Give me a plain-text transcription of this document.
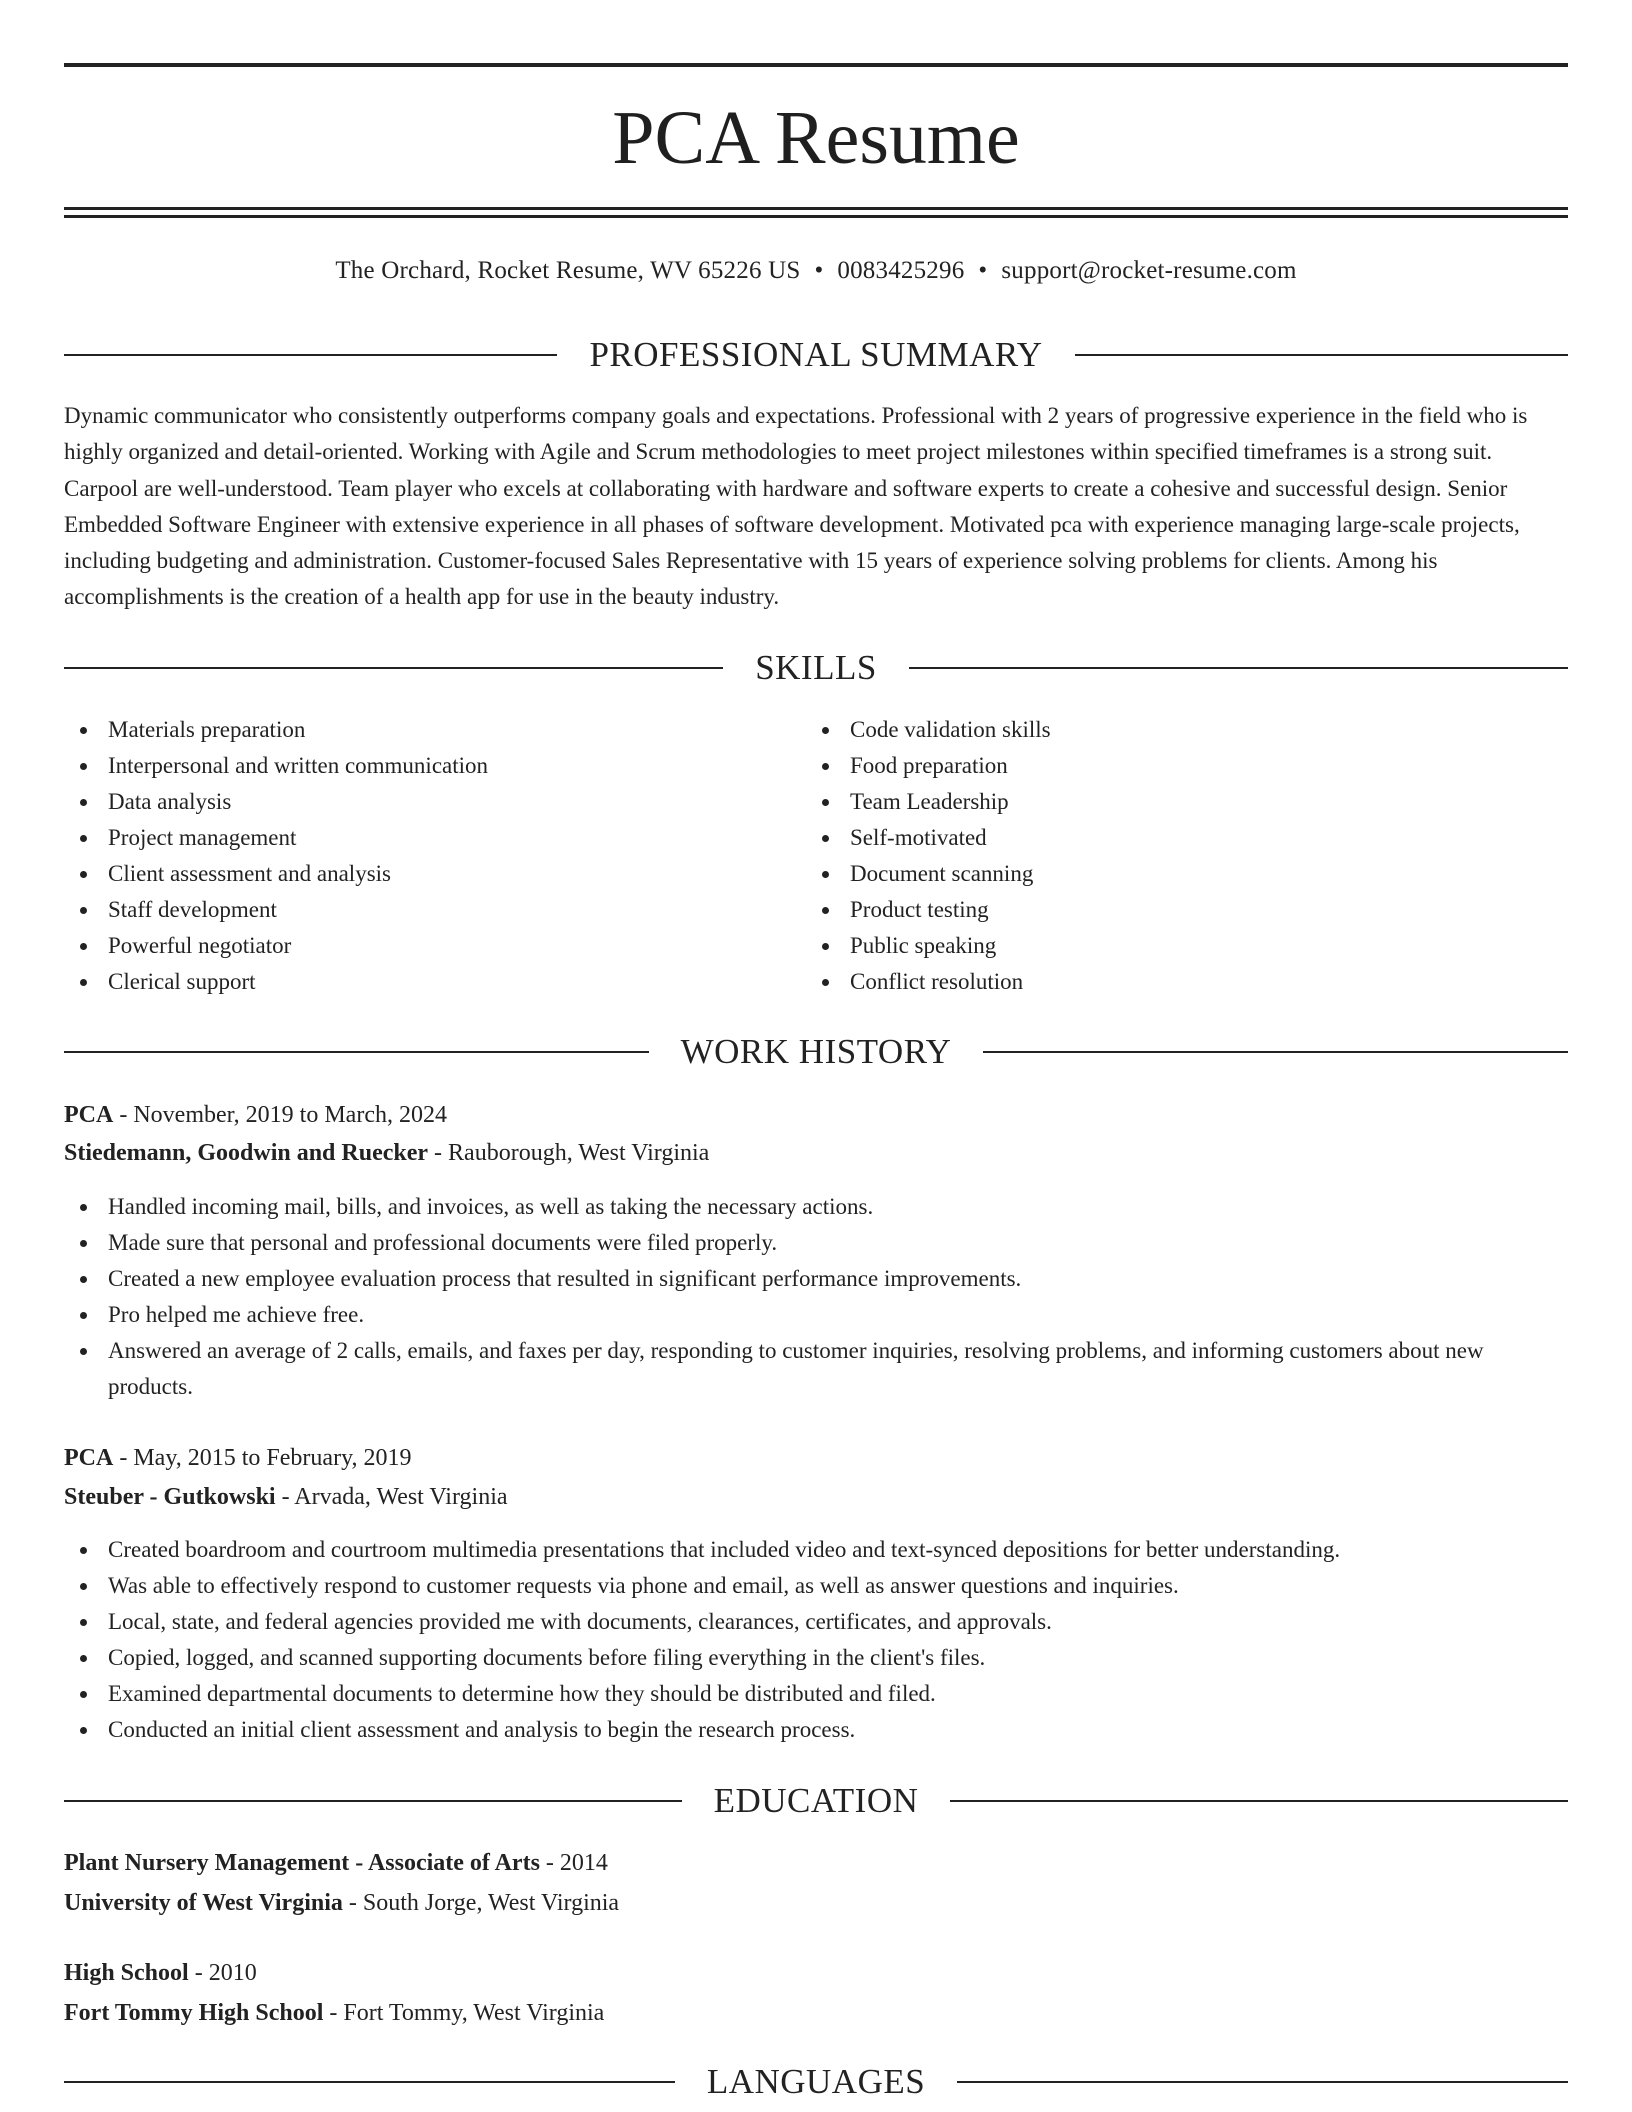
PCA Resume
The Orchard, Rocket Resume, WV 65226 US • 0083425296 • support@rocket-resume.com
PROFESSIONAL SUMMARY
Dynamic communicator who consistently outperforms company goals and expectations. Professional with 2 years of progressive experience in the field who is highly organized and detail-oriented. Working with Agile and Scrum methodologies to meet project milestones within specified timeframes is a strong suit. Carpool are well-understood. Team player who excels at collaborating with hardware and software experts to create a cohesive and successful design. Senior Embedded Software Engineer with extensive experience in all phases of software development. Motivated pca with experience managing large-scale projects, including budgeting and administration. Customer-focused Sales Representative with 15 years of experience solving problems for clients. Among his accomplishments is the creation of a health app for use in the beauty industry.
SKILLS
Materials preparation
Interpersonal and written communication
Data analysis
Project management
Client assessment and analysis
Staff development
Powerful negotiator
Clerical support
Code validation skills
Food preparation
Team Leadership
Self-motivated
Document scanning
Product testing
Public speaking
Conflict resolution
WORK HISTORY
PCA - November, 2019 to March, 2024
Stiedemann, Goodwin and Ruecker - Rauborough, West Virginia
Handled incoming mail, bills, and invoices, as well as taking the necessary actions.
Made sure that personal and professional documents were filed properly.
Created a new employee evaluation process that resulted in significant performance improvements.
Pro helped me achieve free.
Answered an average of 2 calls, emails, and faxes per day, responding to customer inquiries, resolving problems, and informing customers about new products.
PCA - May, 2015 to February, 2019
Steuber - Gutkowski - Arvada, West Virginia
Created boardroom and courtroom multimedia presentations that included video and text-synced depositions for better understanding.
Was able to effectively respond to customer requests via phone and email, as well as answer questions and inquiries.
Local, state, and federal agencies provided me with documents, clearances, certificates, and approvals.
Copied, logged, and scanned supporting documents before filing everything in the client's files.
Examined departmental documents to determine how they should be distributed and filed.
Conducted an initial client assessment and analysis to begin the research process.
EDUCATION
Plant Nursery Management - Associate of Arts - 2014
University of West Virginia - South Jorge, West Virginia
High School - 2010
Fort Tommy High School - Fort Tommy, West Virginia
LANGUAGES
